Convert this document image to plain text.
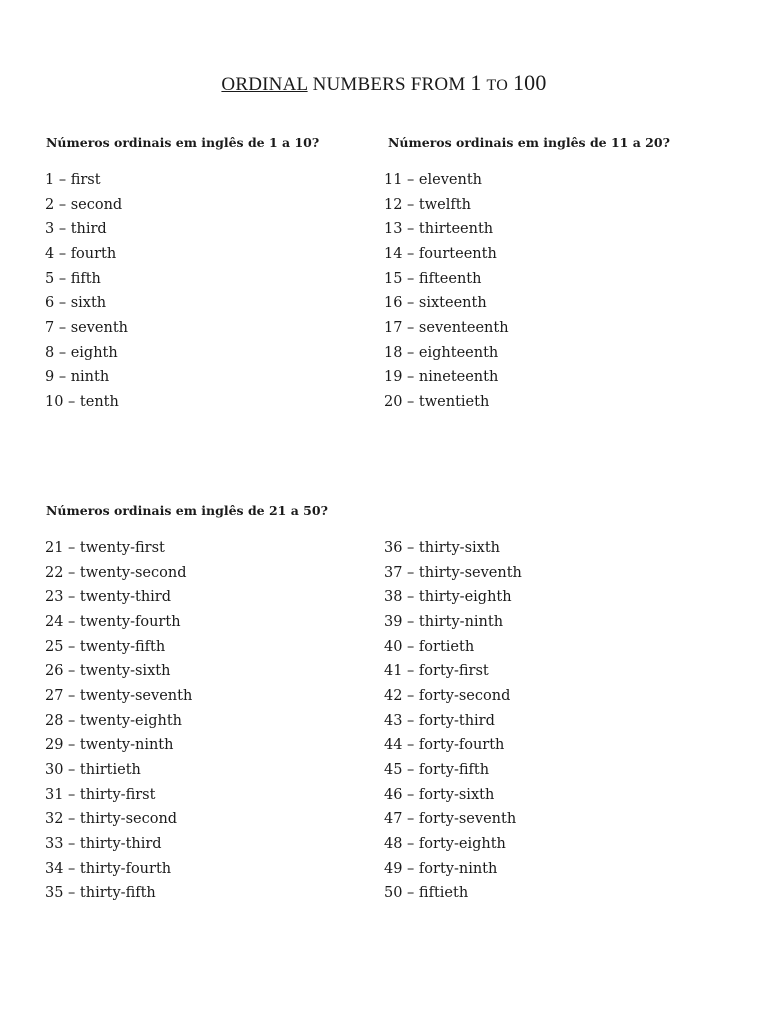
ORDINAL NUMBERS FROM 1 TO 100

Números ordinais em inglês de 1 a 10?	Números ordinais em inglês de 11 a 20?

1 – first
2 – second
3 – third
4 – fourth
5 – fifth
6 – sixth
7 – seventh
8 – eighth
9 – ninth
10 – tenth
11 – eleventh
12 – twelfth
13 – thirteenth
14 – fourteenth
15 – fifteenth
16 – sixteenth
17 – seventeenth
18 – eighteenth
19 – nineteenth
20 – twentieth

Números ordinais em inglês de 21 a 50?

21 – twenty-first
22 – twenty-second
23 – twenty-third
24 – twenty-fourth
25 – twenty-fifth
26 – twenty-sixth
27 – twenty-seventh
28 – twenty-eighth
29 – twenty-ninth
30 – thirtieth
31 – thirty-first
32 – thirty-second
33 – thirty-third
34 – thirty-fourth
35 – thirty-fifth
36 – thirty-sixth
37 – thirty-seventh
38 – thirty-eighth
39 – thirty-ninth
40 – fortieth
41 – forty-first
42 – forty-second
43 – forty-third
44 – forty-fourth
45 – forty-fifth
46 – forty-sixth
47 – forty-seventh
48 – forty-eighth
49 – forty-ninth
50 – fiftieth
